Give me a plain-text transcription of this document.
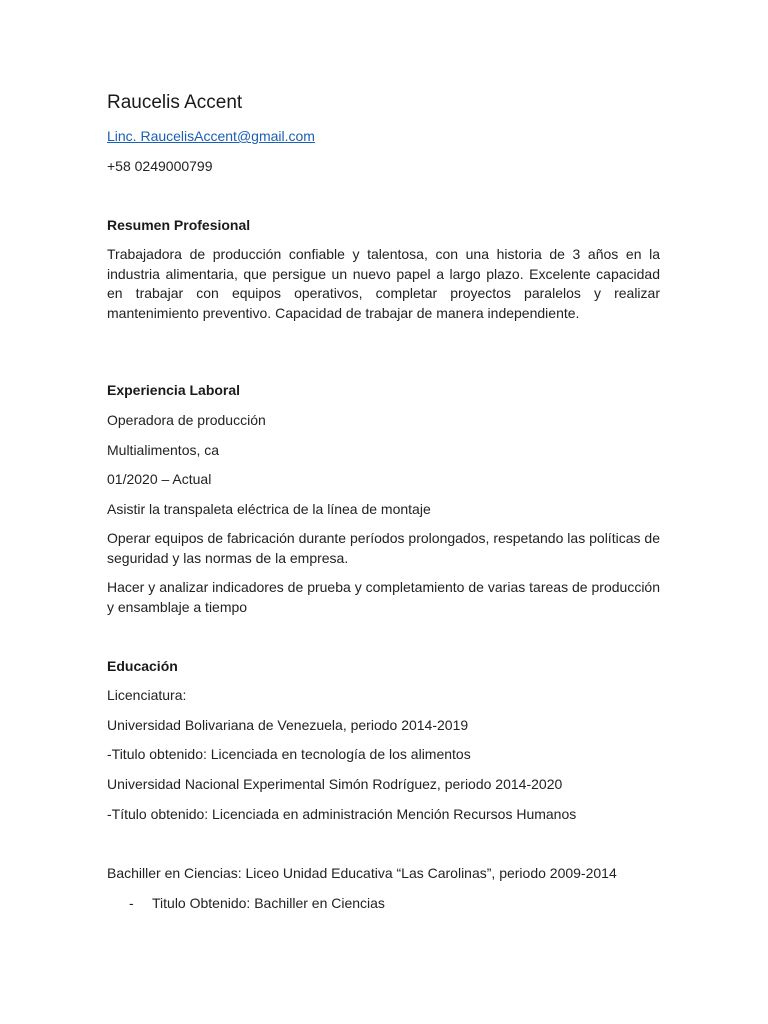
Raucelis Accent
Linc. RaucelisAccent@gmail.com
+58 0249000799
Resumen Profesional
Trabajadora de producción confiable y talentosa, con una historia de 3 años en la industria alimentaria, que persigue un nuevo papel a largo plazo. Excelente capacidad en trabajar con equipos operativos, completar proyectos paralelos y realizar mantenimiento preventivo. Capacidad de trabajar de manera independiente.
Experiencia Laboral
Operadora de producción
Multialimentos, ca
01/2020 – Actual
Asistir la transpaleta eléctrica de la línea de montaje
Operar equipos de fabricación durante períodos prolongados, respetando las políticas de seguridad y las normas de la empresa.
Hacer y analizar indicadores de prueba y completamiento de varias tareas de producción y ensamblaje a tiempo
Educación
Licenciatura:
Universidad Bolivariana de Venezuela, periodo 2014-2019
-Titulo obtenido: Licenciada en tecnología de los alimentos
Universidad Nacional Experimental Simón Rodríguez, periodo 2014-2020
-Título obtenido: Licenciada en administración Mención Recursos Humanos
Bachiller en Ciencias: Liceo Unidad Educativa “Las Carolinas”, periodo 2009-2014
- Titulo Obtenido: Bachiller en Ciencias
